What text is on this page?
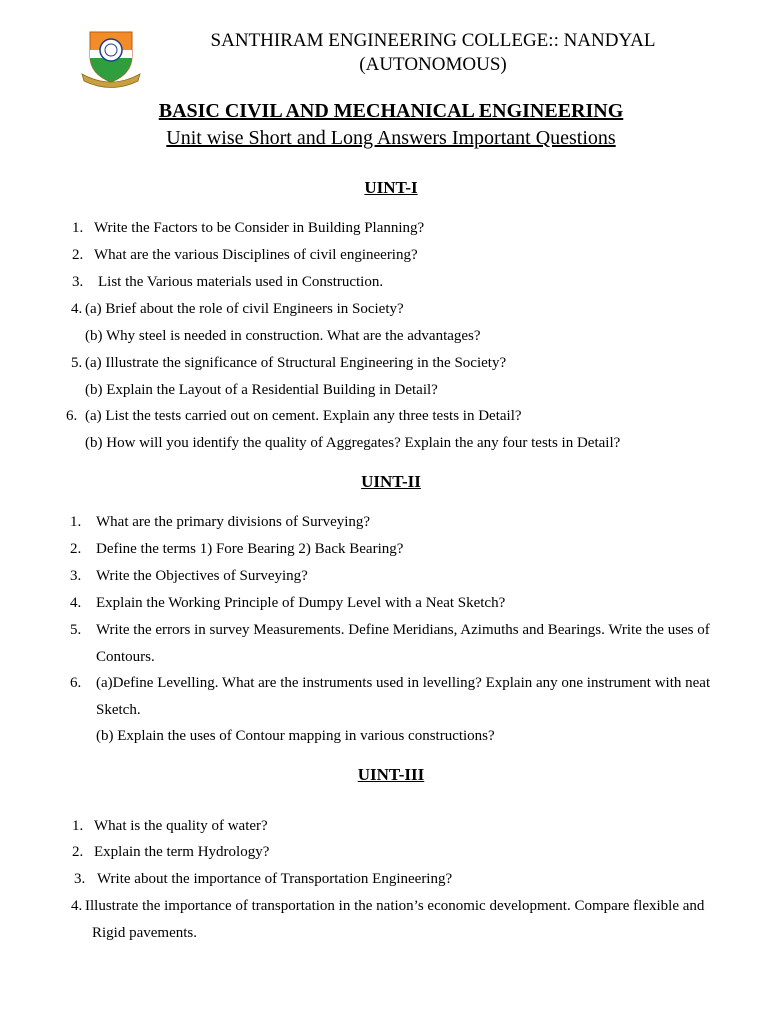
SANTHIRAM ENGINEERING COLLEGE:: NANDYAL
(AUTONOMOUS)
BASIC CIVIL AND MECHANICAL ENGINEERING
Unit wise Short and Long Answers Important Questions
UINT-I
1. Write the Factors to be Consider in Building Planning?
2. What are the various Disciplines of civil engineering?
3. List the Various materials used in Construction.
4. (a) Brief about the role of civil Engineers in Society?
(b) Why steel is needed in construction. What are the advantages?
5. (a) Illustrate the significance of Structural Engineering in the Society?
(b) Explain the Layout of a Residential Building in Detail?
6. (a) List the tests carried out on cement. Explain any three tests in Detail?
(b) How will you identify the quality of Aggregates? Explain the any four tests in Detail?
UINT-II
1. What are the primary divisions of Surveying?
2. Define the terms 1) Fore Bearing 2) Back Bearing?
3. Write the Objectives of Surveying?
4. Explain the Working Principle of Dumpy Level with a Neat Sketch?
5. Write the errors in survey Measurements. Define Meridians, Azimuths and Bearings. Write the uses of
Contours.
6. (a)Define Levelling. What are the instruments used in levelling? Explain any one instrument with neat
Sketch.
(b) Explain the uses of Contour mapping in various constructions?
UINT-III
1. What is the quality of water?
2. Explain the term Hydrology?
3. Write about the importance of Transportation Engineering?
4. Illustrate the importance of transportation in the nation’s economic development. Compare flexible and
Rigid pavements.
